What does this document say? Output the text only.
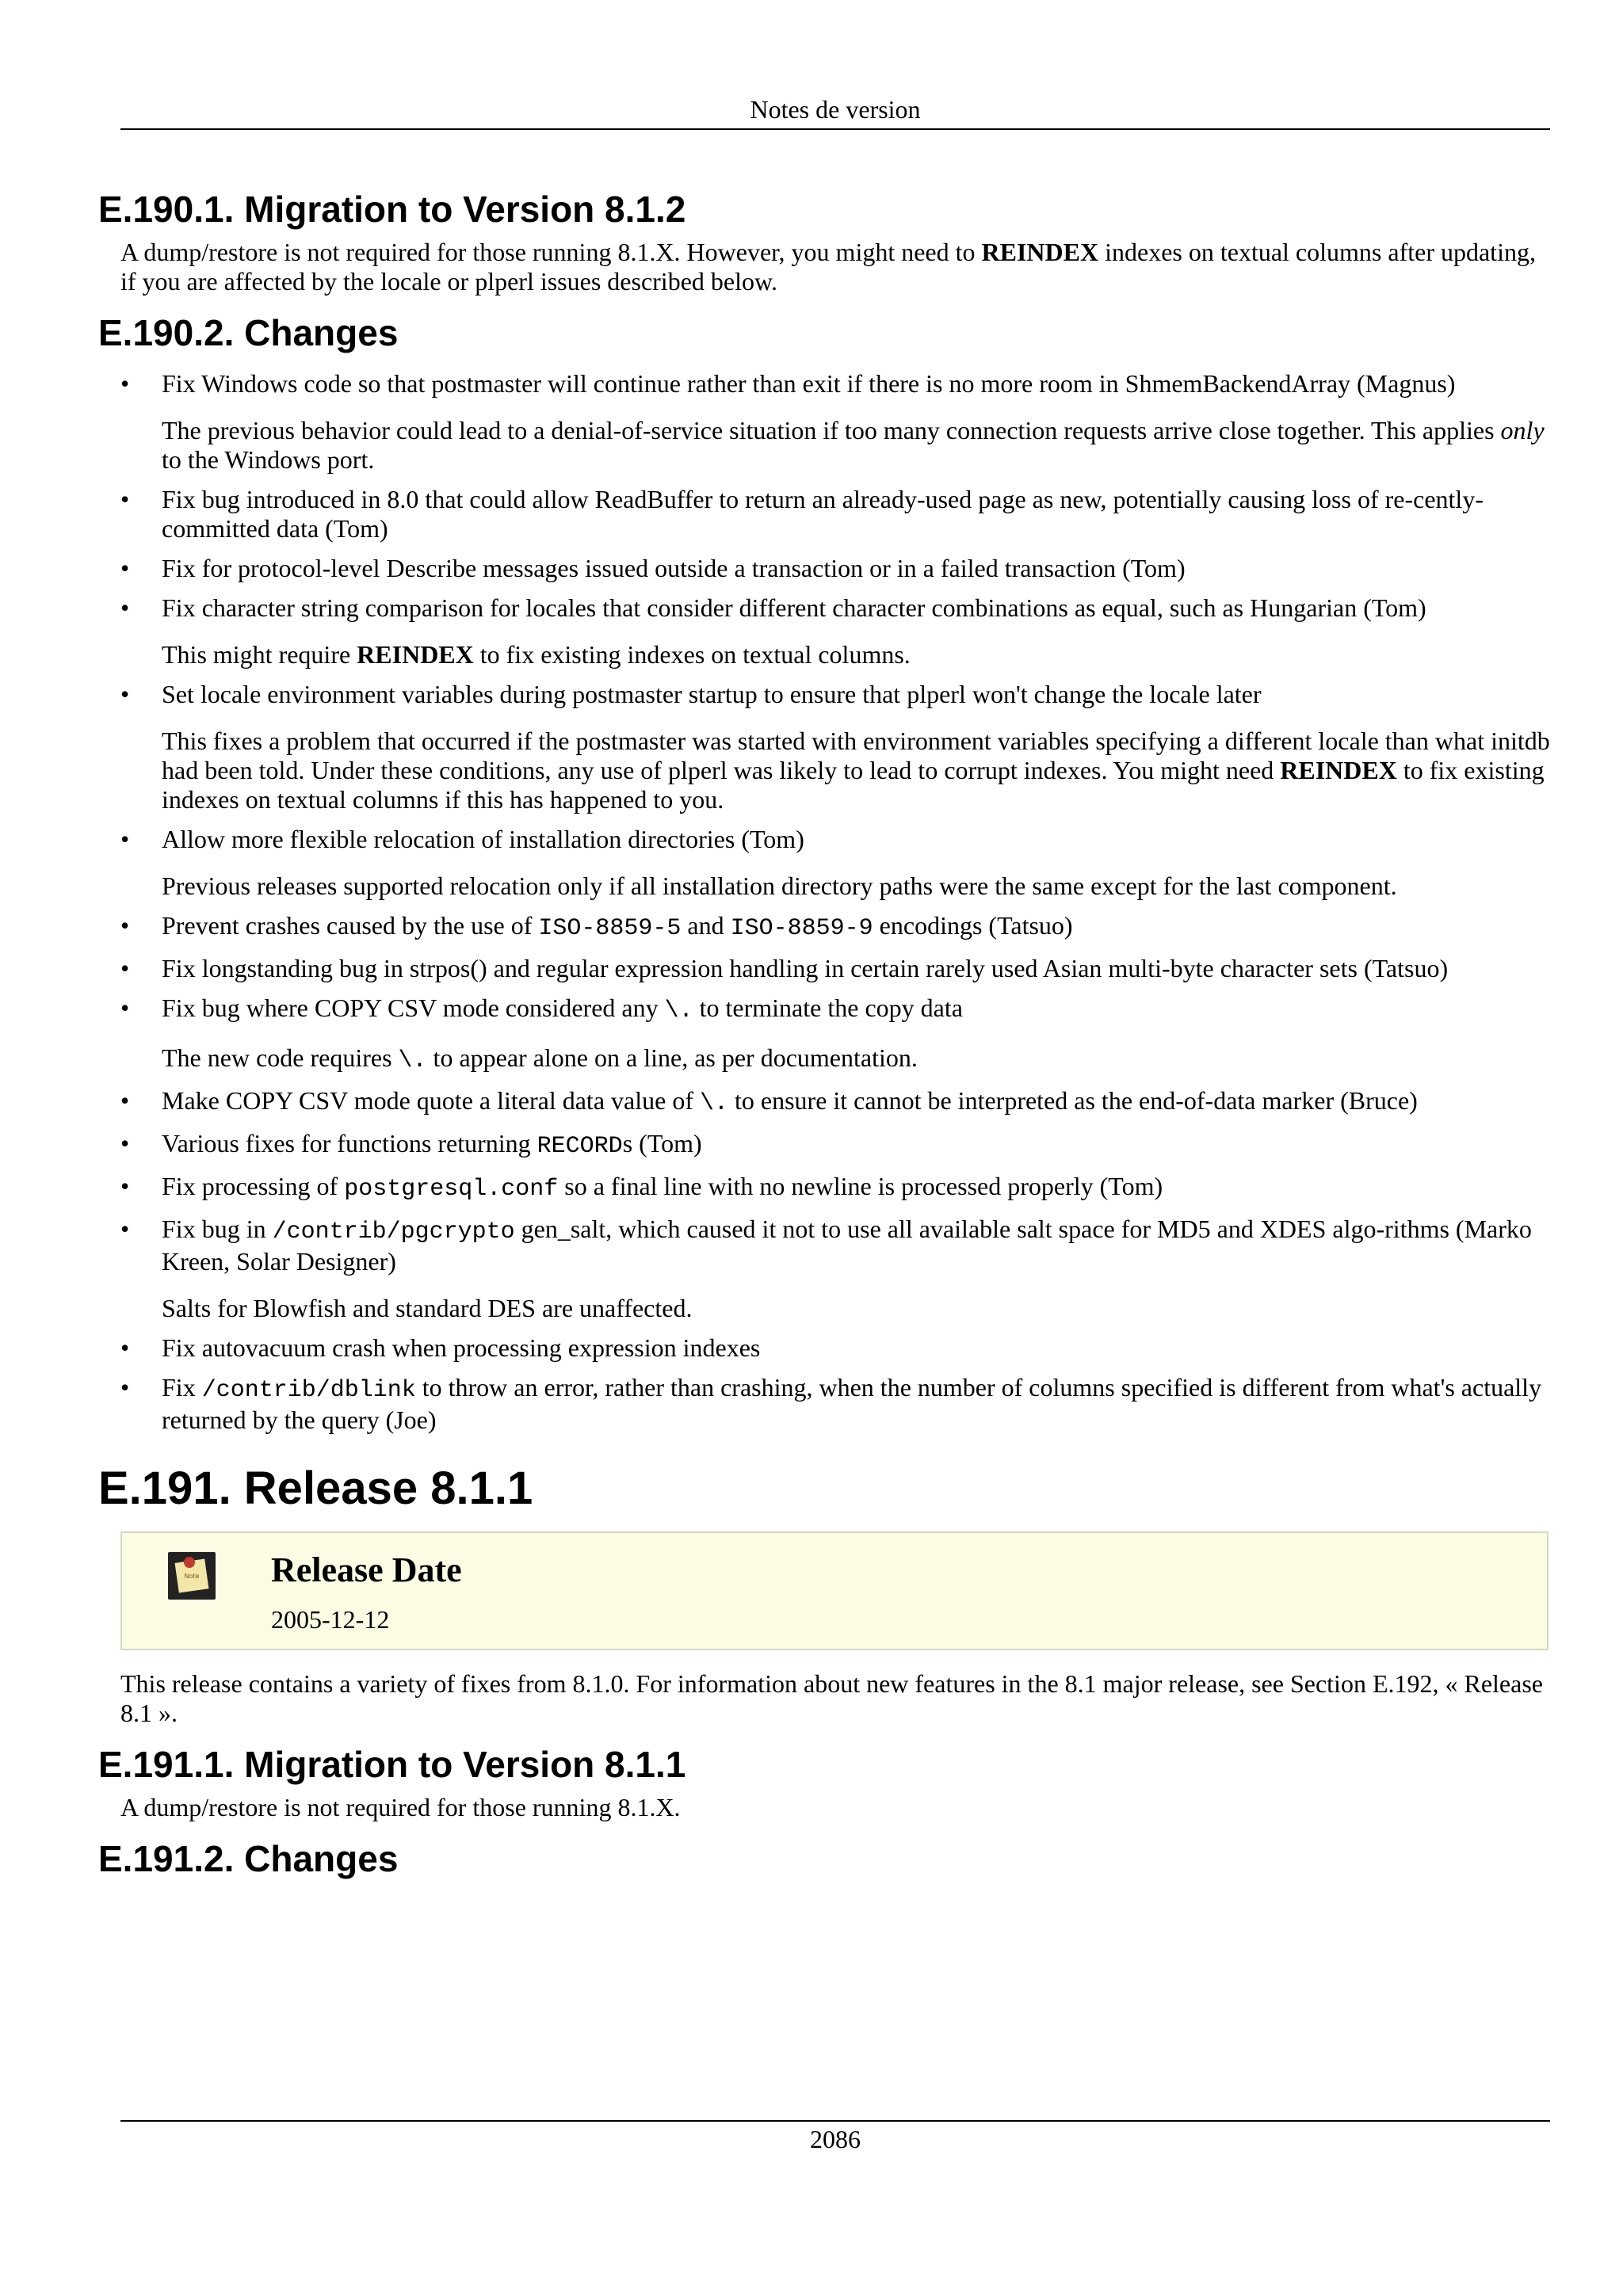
Notes de version
E.190.1. Migration to Version 8.1.2

A dump/restore is not required for those running 8.1.X. However, you might need to REINDEX indexes on textual columns after updating, if you are affected by the locale or plperl issues described below.

E.190.2. Changes
• Fix Windows code so that postmaster will continue rather than exit if there is no more room in ShmemBackendArray (Magnus)
The previous behavior could lead to a denial-of-service situation if too many connection requests arrive close together. This applies only to the Windows port.
• Fix bug introduced in 8.0 that could allow ReadBuffer to return an already-used page as new, potentially causing loss of re-cently-committed data (Tom)
• Fix for protocol-level Describe messages issued outside a transaction or in a failed transaction (Tom)
• Fix character string comparison for locales that consider different character combinations as equal, such as Hungarian (Tom)
This might require REINDEX to fix existing indexes on textual columns.
• Set locale environment variables during postmaster startup to ensure that plperl won't change the locale later
This fixes a problem that occurred if the postmaster was started with environment variables specifying a different locale than what initdb had been told. Under these conditions, any use of plperl was likely to lead to corrupt indexes. You might need REINDEX to fix existing indexes on textual columns if this has happened to you.
• Allow more flexible relocation of installation directories (Tom)
Previous releases supported relocation only if all installation directory paths were the same except for the last component.
• Prevent crashes caused by the use of ISO-8859-5 and ISO-8859-9 encodings (Tatsuo)
• Fix longstanding bug in strpos() and regular expression handling in certain rarely used Asian multi-byte character sets (Tatsuo)
• Fix bug where COPY CSV mode considered any \. to terminate the copy data
The new code requires \. to appear alone on a line, as per documentation.
• Make COPY CSV mode quote a literal data value of \. to ensure it cannot be interpreted as the end-of-data marker (Bruce)
• Various fixes for functions returning RECORDs (Tom)
• Fix processing of postgresql.conf so a final line with no newline is processed properly (Tom)
• Fix bug in /contrib/pgcrypto gen_salt, which caused it not to use all available salt space for MD5 and XDES algo-rithms (Marko Kreen, Solar Designer)
Salts for Blowfish and standard DES are unaffected.
• Fix autovacuum crash when processing expression indexes
• Fix /contrib/dblink to throw an error, rather than crashing, when the number of columns specified is different from what's actually returned by the query (Joe)
E.191. Release 8.1.1
Note Release Date
2005-12-12

This release contains a variety of fixes from 8.1.0. For information about new features in the 8.1 major release, see Section E.192, « Release 8.1 ».

E.191.1. Migration to Version 8.1.1

A dump/restore is not required for those running 8.1.X.

E.191.2. Changes
2086
